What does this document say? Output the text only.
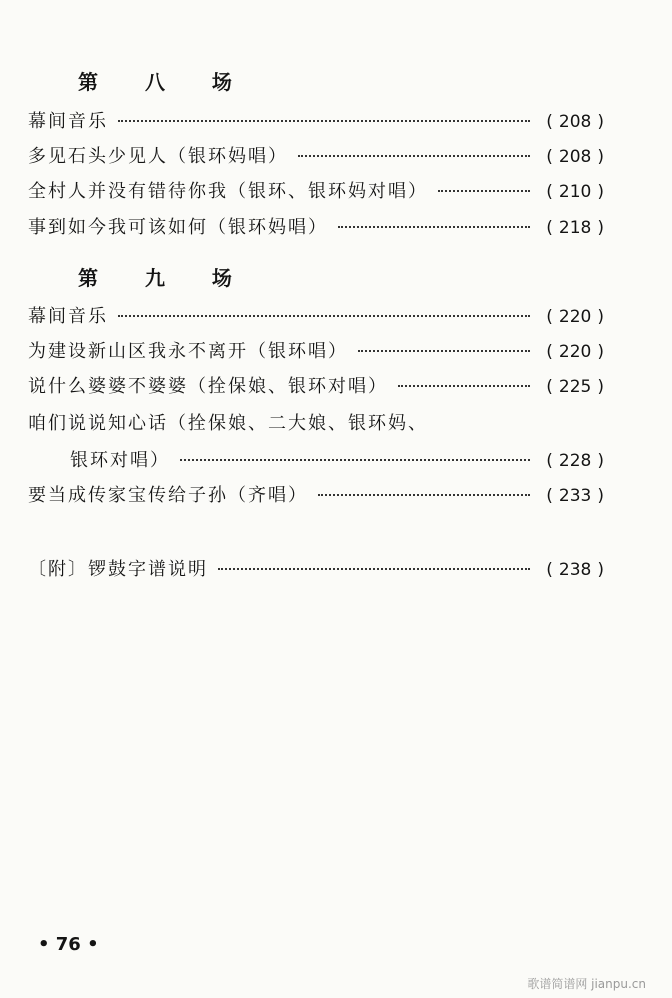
第 八 场
幕间音乐	( 208 )
多见石头少见人（银环妈唱）	( 208 )
全村人并没有错待你我（银环、银环妈对唱）	( 210 )
事到如今我可该如何（银环妈唱）	( 218 )
第 九 场
幕间音乐	( 220 )
为建设新山区我永不离开（银环唱）	( 220 )
说什么婆婆不婆婆（拴保娘、银环对唱）	( 225 )
咱们说说知心话（拴保娘、二大娘、银环妈、
银环对唱）	( 228 )
要当成传家宝传给子孙（齐唱）	( 233 )
〔附〕锣鼓字谱说明	( 238 )
• 76 •
歌谱简谱网 jianpu.cn
